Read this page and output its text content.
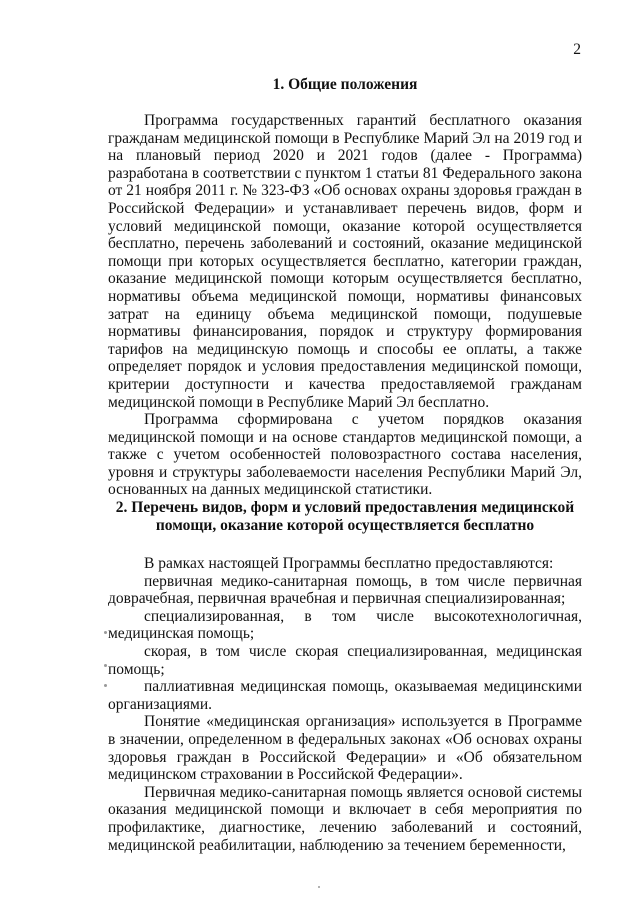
2
1. Общие положения

Программа государственных гарантий бесплатного оказания гражданам медицинской помощи в Республике Марий Эл на 2019 год и на плановый период 2020 и 2021 годов (далее - Программа) разработана в соответствии с пунктом 1 статьи 81 Федерального закона от 21 ноября 2011 г. № 323-ФЗ «Об основах охраны здоровья граждан в Российской Федерации» и устанавливает перечень видов, форм и условий медицинской помощи, оказание которой осуществляется бесплатно, перечень заболеваний и состояний, оказание медицинской помощи при которых осуществляется бесплатно, категории граждан, оказание медицинской помощи которым осуществляется бесплатно, нормативы объема медицинской помощи, нормативы финансовых затрат на единицу объема медицинской помощи, подушевые нормативы финансирования, порядок и структуру формирования тарифов на медицинскую помощь и способы ее оплаты, а также определяет порядок и условия предоставления медицинской помощи, критерии доступности и качества предоставляемой гражданам медицинской помощи в Республике Марий Эл бесплатно.

Программа сформирована с учетом порядков оказания медицинской помощи и на основе стандартов медицинской помощи, а также с учетом особенностей половозрастного состава населения, уровня и структуры заболеваемости населения Республики Марий Эл, основанных на данных медицинской статистики.

2. Перечень видов, форм и условий предоставления медицинской
помощи, оказание которой осуществляется бесплатно

В рамках настоящей Программы бесплатно предоставляются:

первичная медико-санитарная помощь, в том числе первичная доврачебная, первичная врачебная и первичная специализированная;

специализированная, в том числе высокотехнологичная, медицинская помощь;

скорая, в том числе скорая специализированная, медицинская помощь;

паллиативная медицинская помощь, оказываемая медицинскими организациями.

Понятие «медицинская организация» используется в Программе в значении, определенном в федеральных законах «Об основах охраны здоровья граждан в Российской Федерации» и «Об обязательном медицинском страховании в Российской Федерации».

Первичная медико-санитарная помощь является основой системы оказания медицинской помощи и включает в себя мероприятия по профилактике, диагностике, лечению заболеваний и состояний, медицинской реабилитации, наблюдению за течением беременности,
